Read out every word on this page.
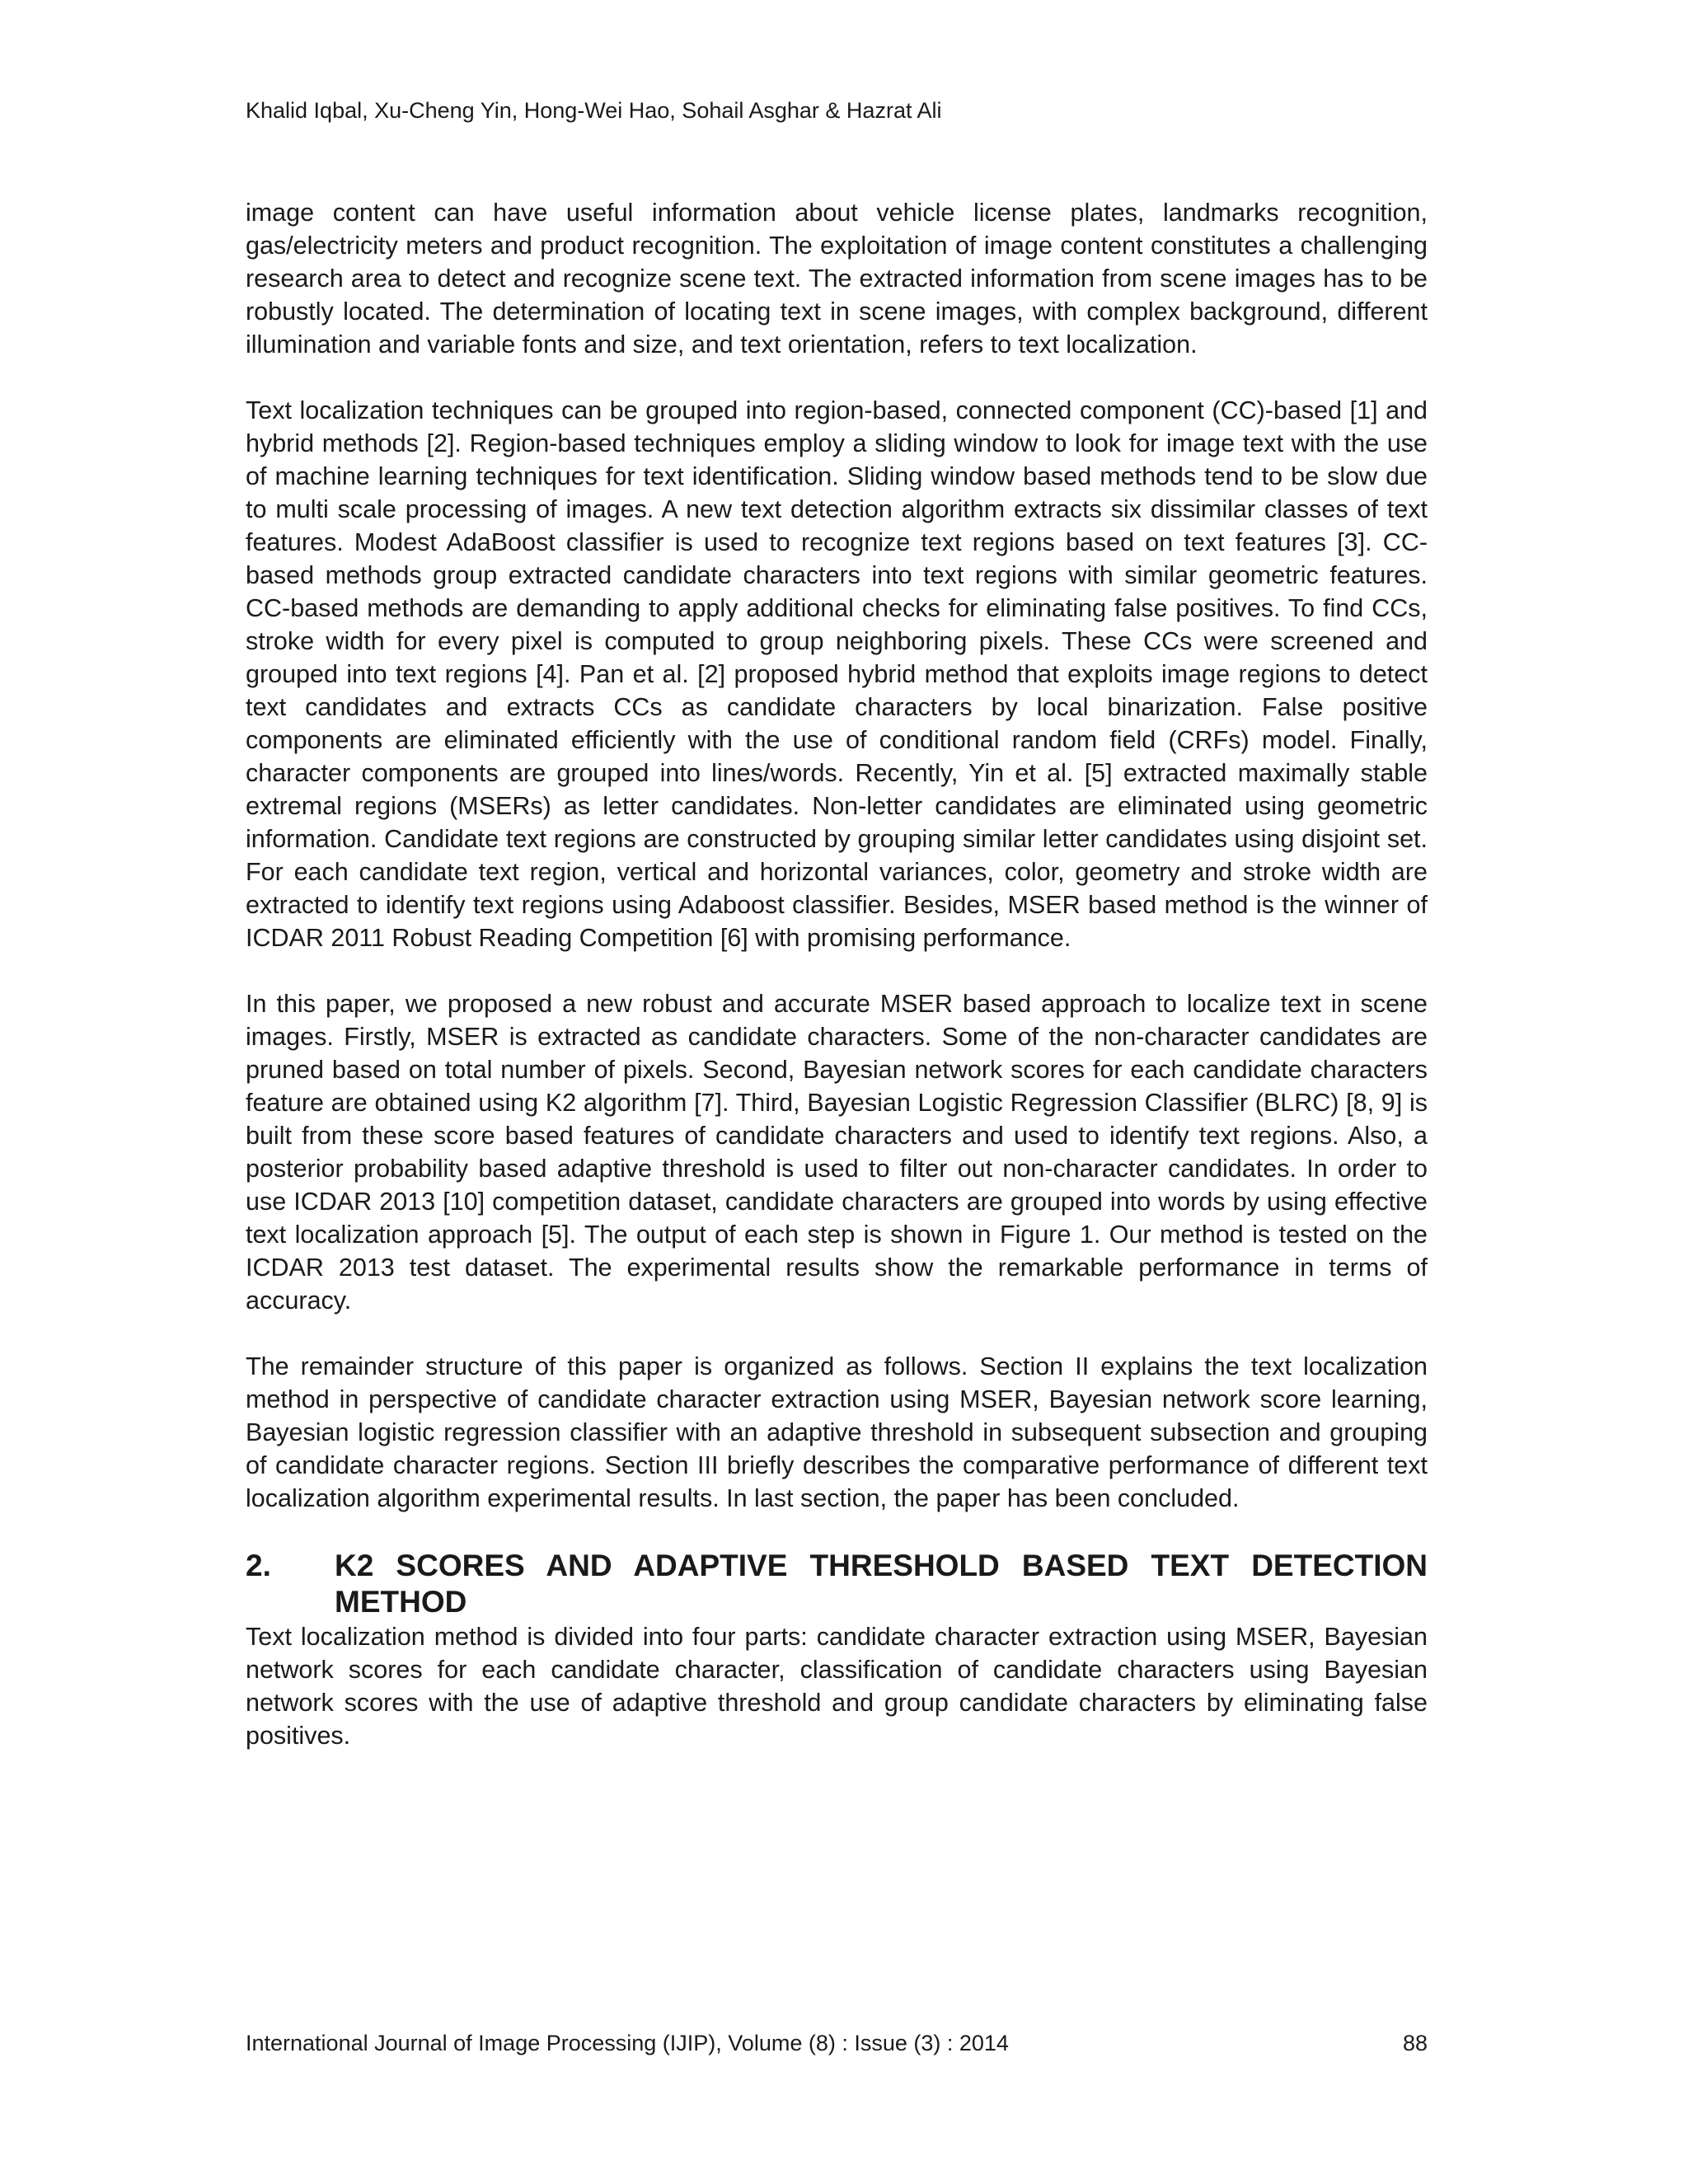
Khalid Iqbal, Xu-Cheng Yin, Hong-Wei Hao, Sohail Asghar & Hazrat Ali

image content can have useful information about vehicle license plates, landmarks recognition, gas/electricity meters and product recognition. The exploitation of image content constitutes a challenging research area to detect and recognize scene text. The extracted information from scene images has to be robustly located. The determination of locating text in scene images, with complex background, different illumination and variable fonts and size, and text orientation, refers to text localization.

Text localization techniques can be grouped into region-based, connected component (CC)-based [1] and hybrid methods [2]. Region-based techniques employ a sliding window to look for image text with the use of machine learning techniques for text identification. Sliding window based methods tend to be slow due to multi scale processing of images. A new text detection algorithm extracts six dissimilar classes of text features. Modest AdaBoost classifier is used to recognize text regions based on text features [3]. CC-based methods group extracted candidate characters into text regions with similar geometric features. CC-based methods are demanding to apply additional checks for eliminating false positives. To find CCs, stroke width for every pixel is computed to group neighboring pixels. These CCs were screened and grouped into text regions [4]. Pan et al. [2] proposed hybrid method that exploits image regions to detect text candidates and extracts CCs as candidate characters by local binarization. False positive components are eliminated efficiently with the use of conditional random field (CRFs) model. Finally, character components are grouped into lines/words. Recently, Yin et al. [5] extracted maximally stable extremal regions (MSERs) as letter candidates. Non-letter candidates are eliminated using geometric information. Candidate text regions are constructed by grouping similar letter candidates using disjoint set. For each candidate text region, vertical and horizontal variances, color, geometry and stroke width are extracted to identify text regions using Adaboost classifier. Besides, MSER based method is the winner of ICDAR 2011 Robust Reading Competition [6] with promising performance.

In this paper, we proposed a new robust and accurate MSER based approach to localize text in scene images. Firstly, MSER is extracted as candidate characters. Some of the non-character candidates are pruned based on total number of pixels. Second, Bayesian network scores for each candidate characters feature are obtained using K2 algorithm [7]. Third, Bayesian Logistic Regression Classifier (BLRC) [8, 9] is built from these score based features of candidate characters and used to identify text regions. Also, a posterior probability based adaptive threshold is used to filter out non-character candidates. In order to use ICDAR 2013 [10] competition dataset, candidate characters are grouped into words by using effective text localization approach [5]. The output of each step is shown in Figure 1. Our method is tested on the ICDAR 2013 test dataset. The experimental results show the remarkable performance in terms of accuracy.

The remainder structure of this paper is organized as follows. Section II explains the text localization method in perspective of candidate character extraction using MSER, Bayesian network score learning, Bayesian logistic regression classifier with an adaptive threshold in subsequent subsection and grouping of candidate character regions. Section III briefly describes the comparative performance of different text localization algorithm experimental results. In last section, the paper has been concluded.

2.	K2 SCORES AND ADAPTIVE THRESHOLD BASED TEXT DETECTION METHOD

Text localization method is divided into four parts: candidate character extraction using MSER, Bayesian network scores for each candidate character, classification of candidate characters using Bayesian network scores with the use of adaptive threshold and group candidate characters by eliminating false positives.

International Journal of Image Processing (IJIP), Volume (8) : Issue (3) : 2014	88
